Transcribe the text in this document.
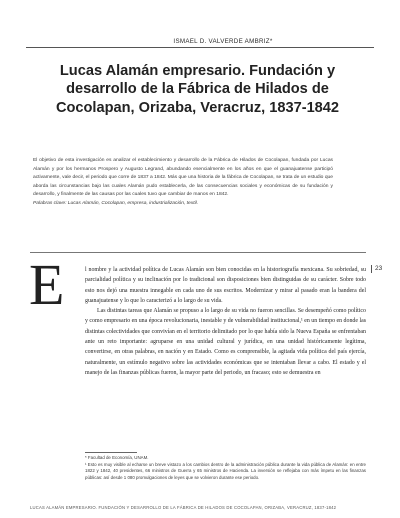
ISMAEL D. VALVERDE AMBRIZ*
Lucas Alamán empresario. Fundación y desarrollo de la Fábrica de Hilados de Cocolapan, Orizaba, Veracruz, 1837-1842
El objetivo de esta investigación es analizar el establecimiento y desarrollo de la Fábrica de Hilados de Cocolapan, fundada por Lucas Alamán y por los hermanos Prospero y Augusto Legrand, abundando esencialmente en los años en que el guanajuatense participó activamente, vale decir, el periodo que corre de 1837 a 1842. Más que una historia de la fábrica de Cocolapan, se trata de un estudio que aborda las circunstancias bajo las cuales Alamán pudo establecerla, de las consecuencias sociales y económicas de su fundación y desarrollo, y finalmente de las causas por las cuales tuvo que cambiar de manos en 1842.
Palabras clave: Lucas Alamán, Cocolapan, empresa, industrialización, textil.
23

E	l nombre y la actividad política de Lucas Alamán son bien conocidas en la historiografía mexicana. Su sobriedad, su parcialidad política y su inclinación por lo tradicional son disposiciones bien distinguidas de su carácter. Sobre todo esto nos dejó una muestra innegable en cada uno de sus escritos. Modernizar y mirar al pasado eran la bandera del guanajuatense y lo que lo caracterizó a lo largo de su vida.

Las distintas tareas que Alamán se propuso a lo largo de su vida no fueron sencillas. Se desempeñó como político y como empresario en una época revolucionaria, inestable y de vulnerabilidad institucional,¹ en un tiempo en donde las distintas colectividades que convivían en el territorio delimitado por lo que había sido la Nueva España se enfrentaban ante un reto importante: agruparse en una unidad cultural y jurídica, en una unidad históricamente legítima, convertirse, en otras palabras, en nación y en Estado. Como es comprensible, la agitada vida política del país ejercía, naturalmente, un estímulo negativo sobre las actividades económicas que se intentaban llevar a cabo. El estado y el manejo de las finanzas públicas fueron, la mayor parte del periodo, un fracaso; esto se demuestra en

* Facultad de Economía, UNAM.

¹ Esto es muy visible al echarse un breve vistazo a los cambios dentro de la administración pública durante la vida pública de Alamán: en entre 1822 y 1842, 40 presidentes, 66 ministros de Guerra y 65 ministros de Hacienda. La inversión se reflejaba con más ímpetu en las finanzas públicas: así desde 1 080 promulgaciones de leyes que se volvieron durante ese periodo.

LUCAS ALAMÁN EMPRESARIO. FUNDACIÓN Y DESARROLLO DE LA FÁBRICA DE HILADOS DE COCOLAPAN, ORIZABA, VERACRUZ, 1837-1842
